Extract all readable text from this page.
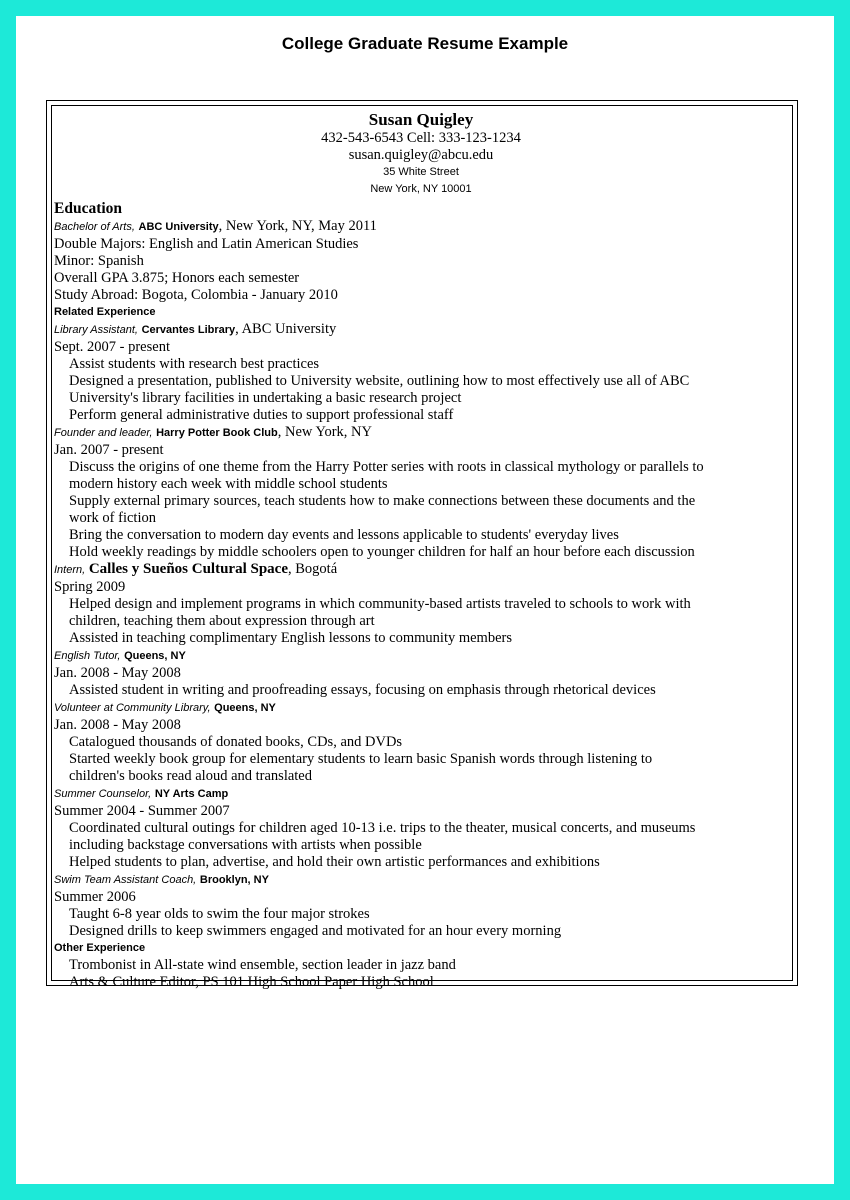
College Graduate Resume Example
Susan Quigley
432-543-6543 Cell: 333-123-1234
susan.quigley@abcu.edu
35 White Street
New York, NY 10001
Education
Bachelor of Arts, ABC University, New York, NY, May 2011
Double Majors: English and Latin American Studies
Minor: Spanish
Overall GPA 3.875; Honors each semester
Study Abroad: Bogota, Colombia - January 2010
Related Experience
Library Assistant, Cervantes Library, ABC University
Sept. 2007 - present
Assist students with research best practices
Designed a presentation, published to University website, outlining how to most effectively use all of ABC
University's library facilities in undertaking a basic research project
Perform general administrative duties to support professional staff
Founder and leader, Harry Potter Book Club, New York, NY
Jan. 2007 - present
Discuss the origins of one theme from the Harry Potter series with roots in classical mythology or parallels to
modern history each week with middle school students
Supply external primary sources, teach students how to make connections between these documents and the
work of fiction
Bring the conversation to modern day events and lessons applicable to students' everyday lives
Hold weekly readings by middle schoolers open to younger children for half an hour before each discussion
Intern, Calles y Sueños Cultural Space, Bogotá
Spring 2009
Helped design and implement programs in which community-based artists traveled to schools to work with
children, teaching them about expression through art
Assisted in teaching complimentary English lessons to community members
English Tutor, Queens, NY
Jan. 2008 - May 2008
Assisted student in writing and proofreading essays, focusing on emphasis through rhetorical devices
Volunteer at Community Library, Queens, NY
Jan. 2008 - May 2008
Catalogued thousands of donated books, CDs, and DVDs
Started weekly book group for elementary students to learn basic Spanish words through listening to
children's books read aloud and translated
Summer Counselor, NY Arts Camp
Summer 2004 - Summer 2007
Coordinated cultural outings for children aged 10-13 i.e. trips to the theater, musical concerts, and museums
including backstage conversations with artists when possible
Helped students to plan, advertise, and hold their own artistic performances and exhibitions
Swim Team Assistant Coach, Brooklyn, NY
Summer 2006
Taught 6-8 year olds to swim the four major strokes
Designed drills to keep swimmers engaged and motivated for an hour every morning
Other Experience
Trombonist in All-state wind ensemble, section leader in jazz band
Arts & Culture Editor, PS 101 High School Paper High School
